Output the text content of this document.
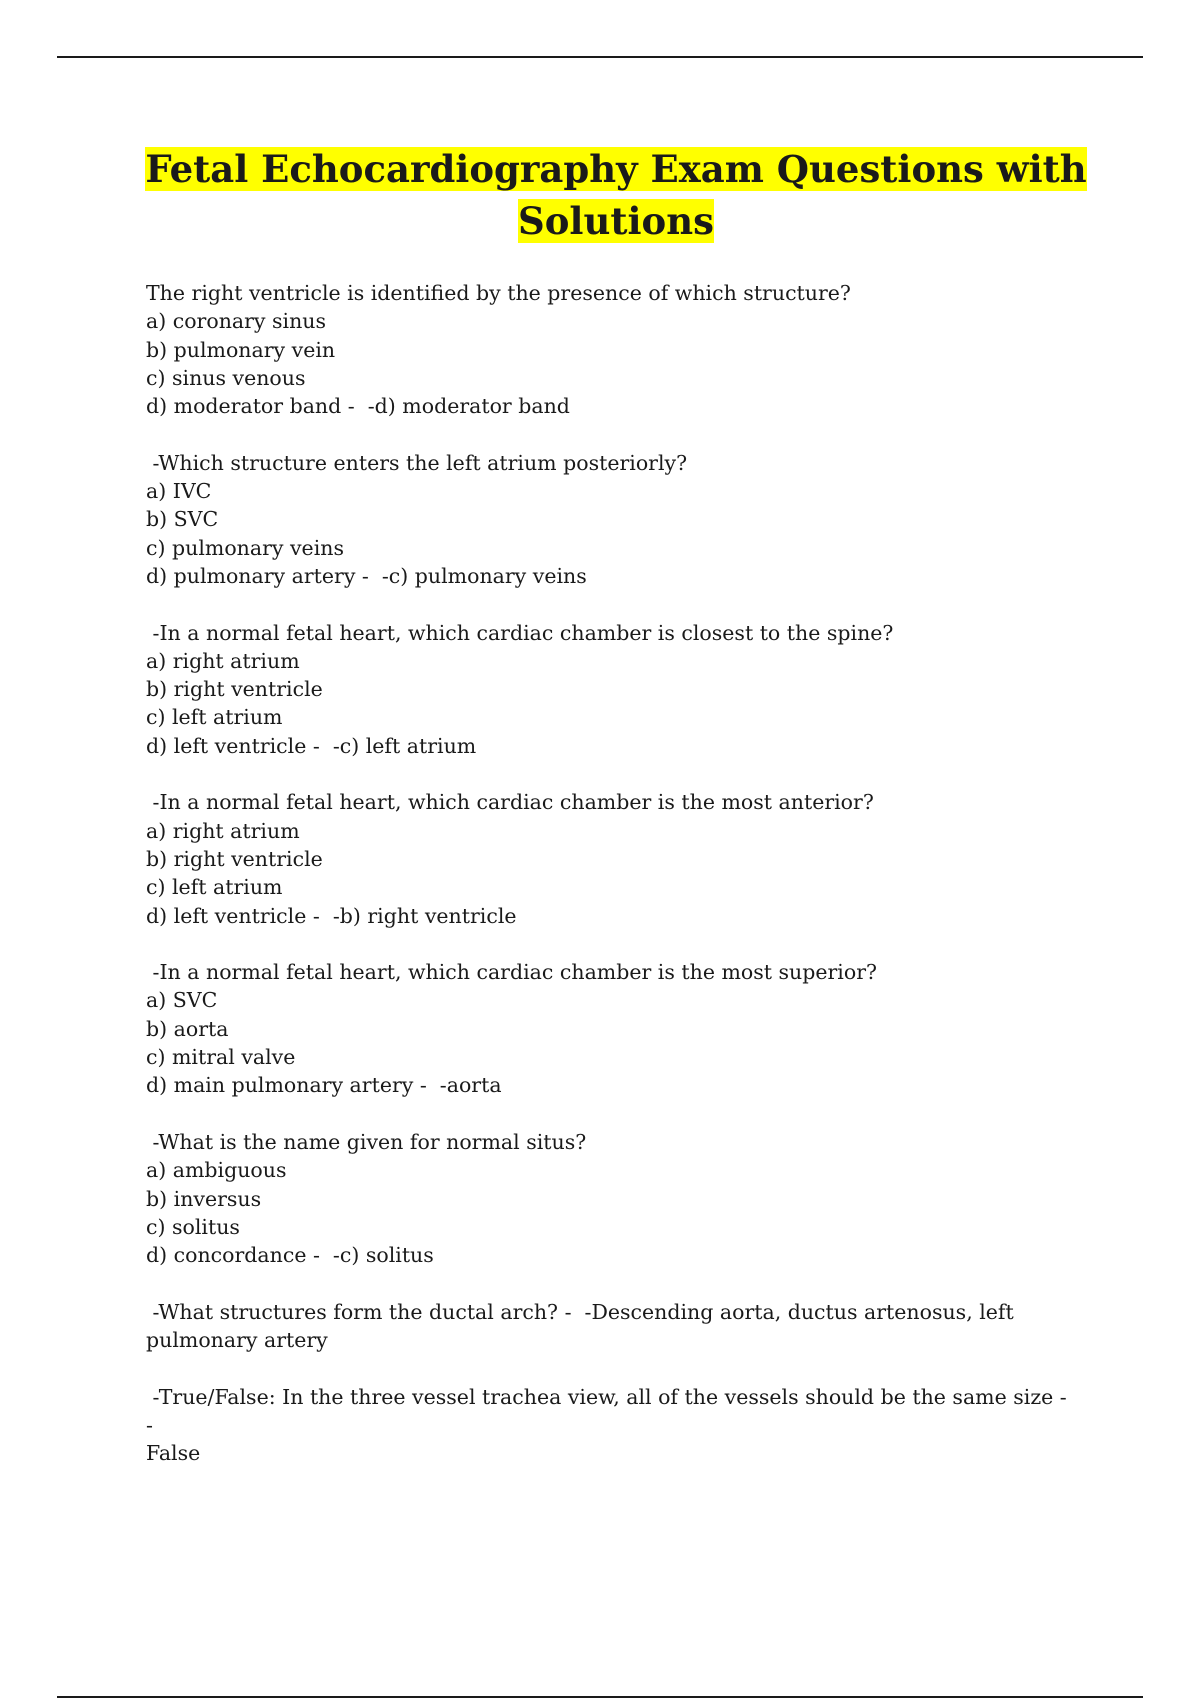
Fetal Echocardiography Exam Questions with
Solutions

The right ventricle is identified by the presence of which structure?

a) coronary sinus

b) pulmonary vein

c) sinus venous

d) moderator band -  -d) moderator band

-Which structure enters the left atrium posteriorly?

a) IVC

b) SVC

c) pulmonary veins

d) pulmonary artery -  -c) pulmonary veins

-In a normal fetal heart, which cardiac chamber is closest to the spine?

a) right atrium

b) right ventricle

c) left atrium

d) left ventricle -  -c) left atrium

-In a normal fetal heart, which cardiac chamber is the most anterior?

a) right atrium

b) right ventricle

c) left atrium

d) left ventricle -  -b) right ventricle

-In a normal fetal heart, which cardiac chamber is the most superior?

a) SVC

b) aorta

c) mitral valve

d) main pulmonary artery -  -aorta

-What is the name given for normal situs?

a) ambiguous

b) inversus

c) solitus

d) concordance -  -c) solitus

-What structures form the ductal arch? -  -Descending aorta, ductus artenosus, left

pulmonary artery

-True/False: In the three vessel trachea view, all of the vessels should be the same size -  -

False
